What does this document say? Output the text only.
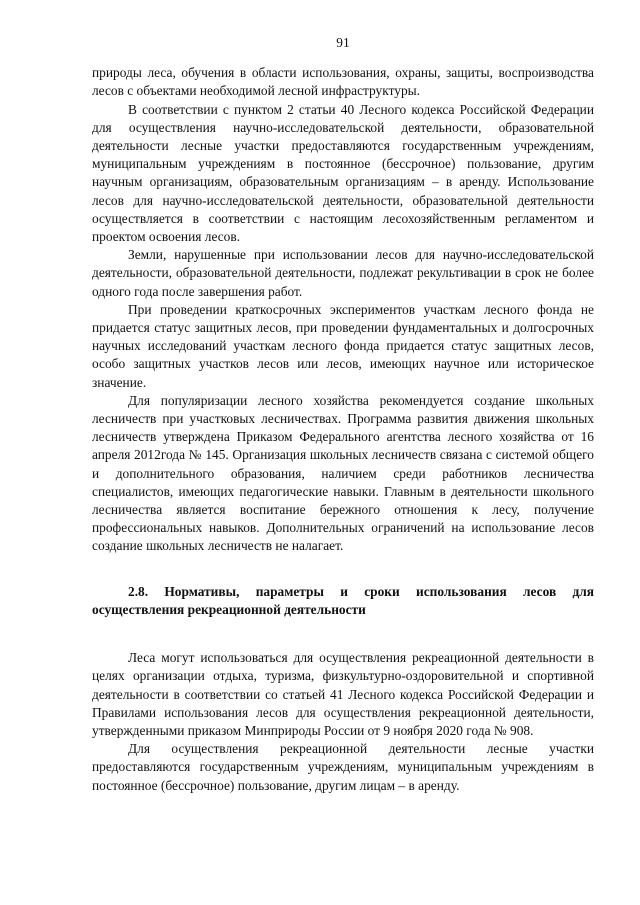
91

природы леса, обучения в области использования, охраны, защиты, воспроизводства лесов с объектами необходимой лесной инфраструктуры.

В соответствии с пунктом 2 статьи 40 Лесного кодекса Российской Федерации для осуществления научно-исследовательской деятельности, образовательной деятельности лесные участки предоставляются государственным учреждениям, муниципальным учреждениям в постоянное (бессрочное) пользование, другим научным организациям, образовательным организациям – в аренду. Использование лесов для научно-исследовательской деятельности, образовательной деятельности осуществляется в соответствии с настоящим лесохозяйственным регламентом и проектом освоения лесов.

Земли, нарушенные при использовании лесов для научно-исследовательской деятельности, образовательной деятельности, подлежат рекультивации в срок не более одного года после завершения работ.

При проведении краткосрочных экспериментов участкам лесного фонда не придается статус защитных лесов, при проведении фундаментальных и долгосрочных научных исследований участкам лесного фонда придается статус защитных лесов, особо защитных участков лесов или лесов, имеющих научное или историческое значение.

Для популяризации лесного хозяйства рекомендуется создание школьных лесничеств при участковых лесничествах. Программа развития движения школьных лесничеств утверждена Приказом Федерального агентства лесного хозяйства от 16 апреля 2012года № 145. Организация школьных лесничеств связана с системой общего и дополнительного образования, наличием среди работников лесничества специалистов, имеющих педагогические навыки. Главным в деятельности школьного лесничества является воспитание бережного отношения к лесу, получение профессиональных навыков. Дополнительных ограничений на использование лесов создание школьных лесничеств не налагает.

2.8. Нормативы, параметры и сроки использования лесов для осуществления рекреационной деятельности

Леса могут использоваться для осуществления рекреационной деятельности в целях организации отдыха, туризма, физкультурно-оздоровительной и спортивной деятельности в соответствии со статьей 41 Лесного кодекса Российской Федерации и Правилами использования лесов для осуществления рекреационной деятельности, утвержденными приказом Минприроды России от 9 ноября 2020 года № 908.

Для осуществления рекреационной деятельности лесные участки предоставляются государственным учреждениям, муниципальным учреждениям в постоянное (бессрочное) пользование, другим лицам – в аренду.
